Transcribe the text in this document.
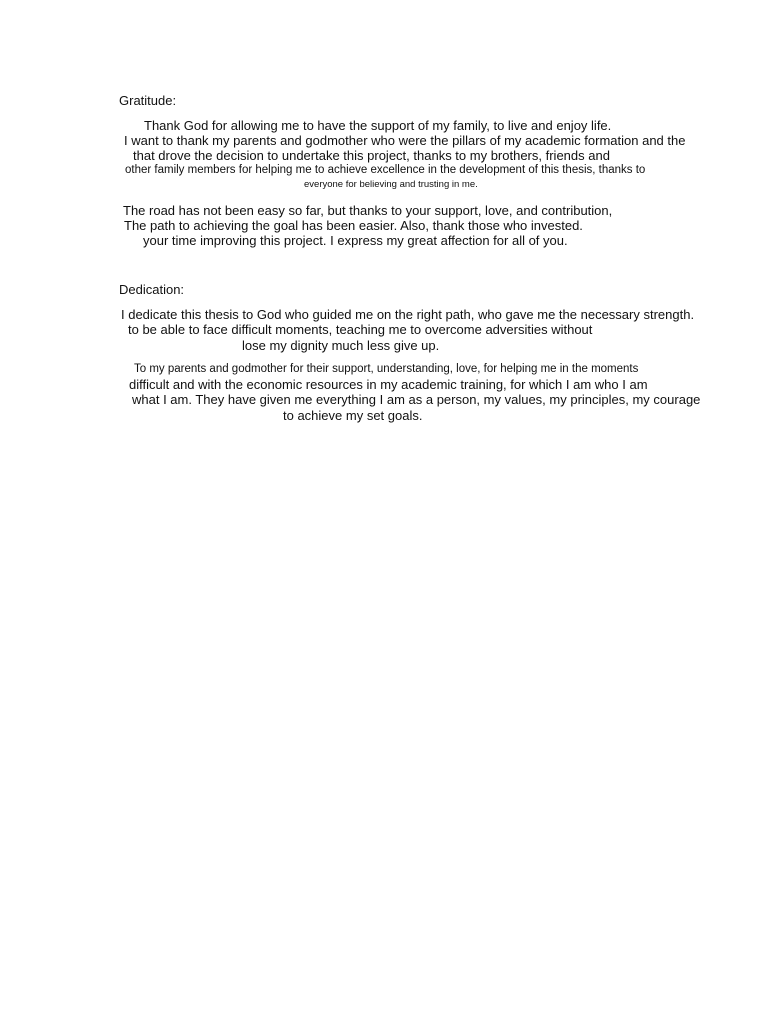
Gratitude:
Thank God for allowing me to have the support of my family, to live and enjoy life.
I want to thank my parents and godmother who were the pillars of my academic formation and the
that drove the decision to undertake this project, thanks to my brothers, friends and
other family members for helping me to achieve excellence in the development of this thesis, thanks to
everyone for believing and trusting in me.
The road has not been easy so far, but thanks to your support, love, and contribution,
The path to achieving the goal has been easier. Also, thank those who invested.
your time improving this project. I express my great affection for all of you.
Dedication:
I dedicate this thesis to God who guided me on the right path, who gave me the necessary strength.
to be able to face difficult moments, teaching me to overcome adversities without
lose my dignity much less give up.
To my parents and godmother for their support, understanding, love, for helping me in the moments
difficult and with the economic resources in my academic training, for which I am who I am
what I am. They have given me everything I am as a person, my values, my principles, my courage
to achieve my set goals.
